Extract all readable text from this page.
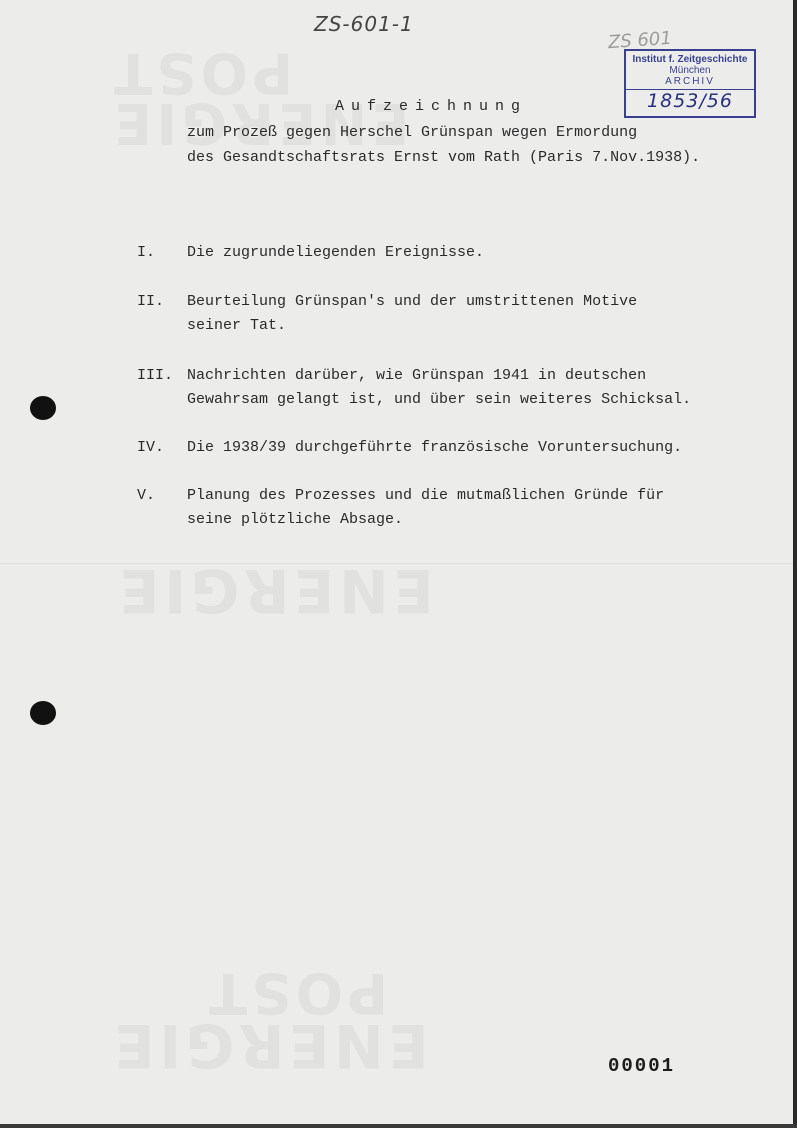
ZS-601-1
ZS 601
Institut f. Zeitgeschichte
München
ARCHIV
1853/56
Aufzeichnung
zum Prozeß gegen Herschel Grünspan wegen Ermordung
des Gesandtschaftsrats Ernst vom Rath (Paris 7.Nov.1938).
I. Die zugrundeliegenden Ereignisse.
II. Beurteilung Grünspan's und der umstrittenen Motive
seiner Tat.
III. Nachrichten darüber, wie Grünspan 1941 in deutschen
Gewahrsam gelangt ist, und über sein weiteres Schicksal.
IV. Die 1938/39 durchgeführte französische Voruntersuchung.
V. Planung des Prozesses und die mutmaßlichen Gründe für
seine plötzliche Absage.
00001
